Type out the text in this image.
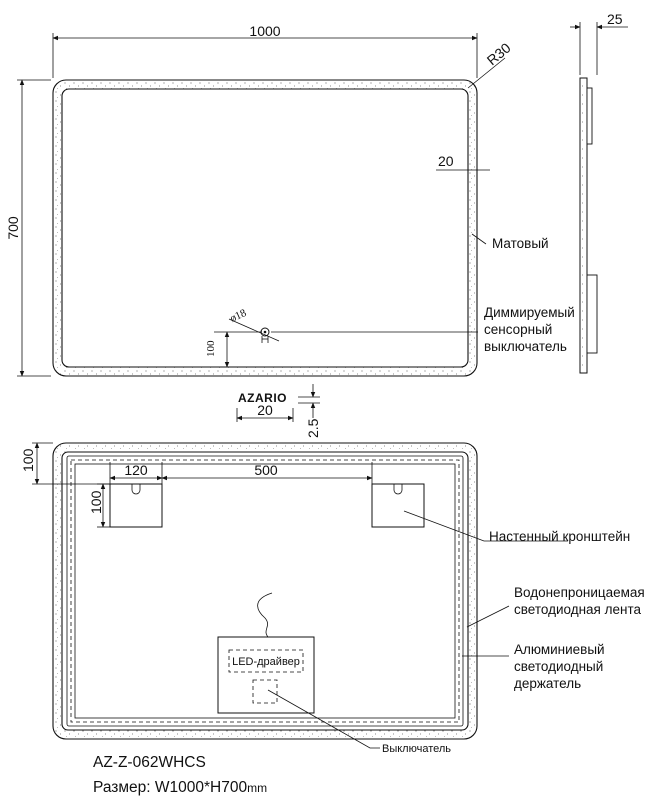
1000
700
R30
20
Матовый
ø18	Диммируемый
сенсорный
выключатель
100
AZARIO
20
2.5
25
100	120	500
100
Настенный кронштейн
Водонепроницаемая
светодиодная лента
Алюминиевый
светодиодный
держатель
LED-драйвер
Выключатель
AZ-Z-062WHCS
Размер: W1000*H700mm
